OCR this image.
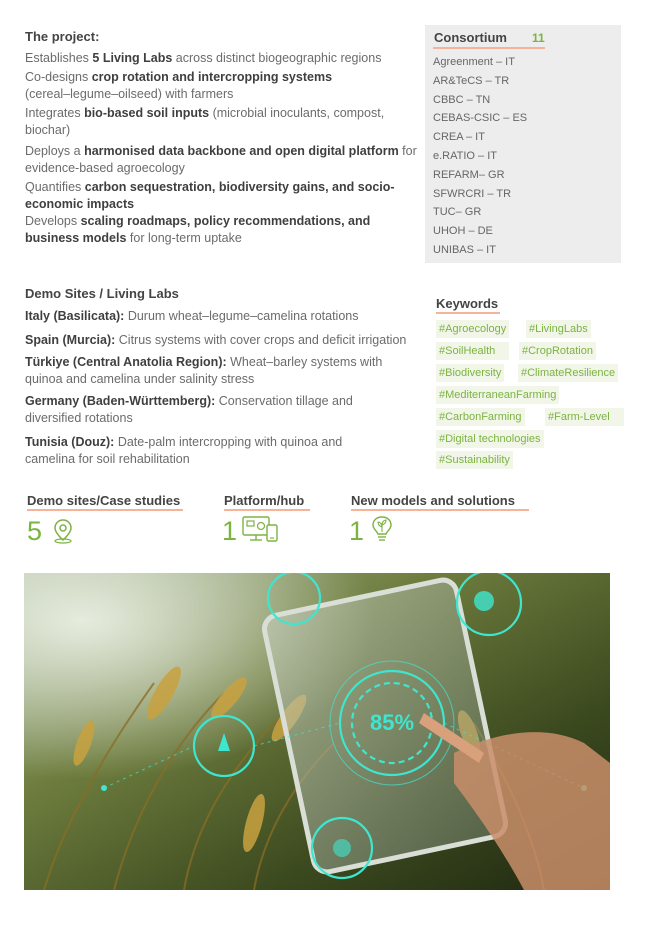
The project:
Establishes 5 Living Labs across distinct biogeographic regions
Co-designs crop rotation and intercropping systems (cereal–legume–oilseed) with farmers
Integrates bio-based soil inputs (microbial inoculants, compost, biochar)
Deploys a harmonised data backbone and open digital platform for evidence-based agroecology
Quantifies carbon sequestration, biodiversity gains, and socio-economic impacts
Develops scaling roadmaps, policy recommendations, and business models for long-term uptake
Consortium 11
Agreenment – IT
AR&TeCS – TR
CBBC – TN
CEBAS-CSIC – ES
CREA – IT
e.RATIO – IT
REFARM– GR
SFWRCRI – TR
TUC– GR
UHOH – DE
UNIBAS – IT
Demo Sites / Living Labs
Italy (Basilicata): Durum wheat–legume–camelina rotations
Spain (Murcia): Citrus systems with cover crops and deficit irrigation
Türkiye (Central Anatolia Region): Wheat–barley systems with quinoa and camelina under salinity stress
Germany (Baden-Württemberg): Conservation tillage and diversified rotations
Tunisia (Douz): Date-palm intercropping with quinoa and camelina for soil rehabilitation
Keywords
#Agroecology #LivingLabs
#SoilHealth	#CropRotation
#Biodiversity #ClimateResilience
#MediterraneanFarming
#CarbonFarming #Farm-Level
#Digital technologies
#Sustainability
Demo sites/Case studies
5
Platform/hub
1
New models and solutions
1
85%
